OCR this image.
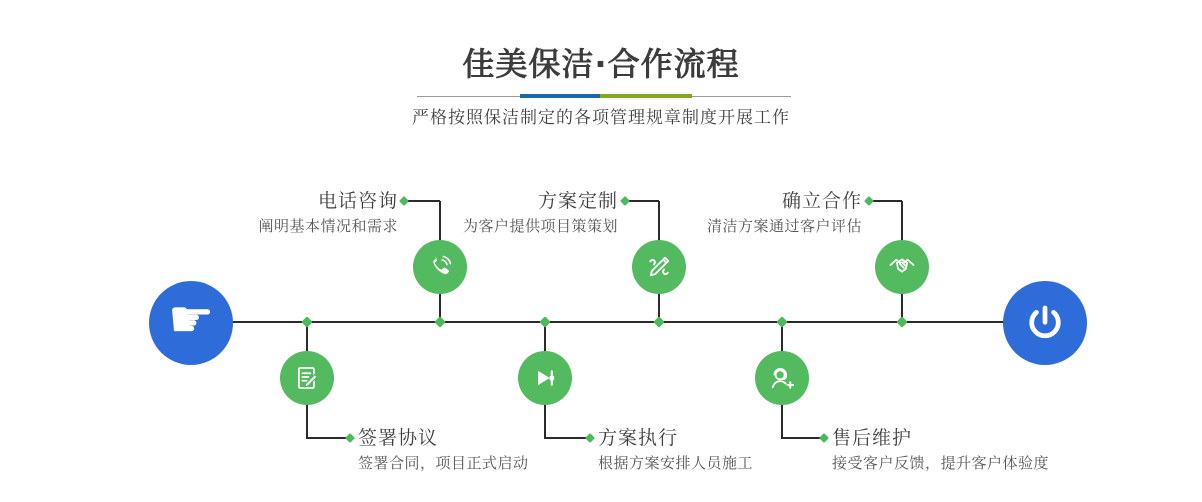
佳美保洁·合作流程
严格按照保洁制定的各项管理规章制度开展工作
电话咨询
阐明基本情况和需求
方案定制
为客户提供项目策策划
确立合作
清洁方案通过客户评估
签署协议
签署合同，项目正式启动
方案执行
根据方案安排人员施工
售后维护
接受客户反馈，提升客户体验度
☛
